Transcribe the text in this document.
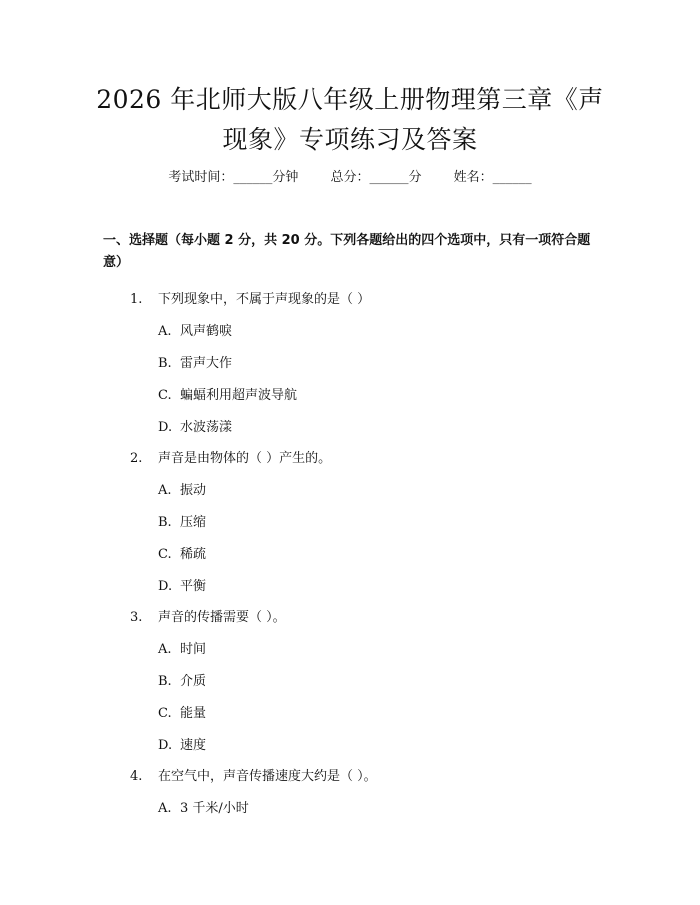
2026 年北师大版八年级上册物理第三章《声
现象》专项练习及答案
考试时间：______分钟 总分：______分 姓名：______
一、选择题（每小题 2 分，共 20 分。下列各题给出的四个选项中，只有一项符合题意）
1. 下列现象中，不属于声现象的是（ ）
A. 风声鹤唳
B. 雷声大作
C. 蝙蝠利用超声波导航
D. 水波荡漾
2. 声音是由物体的（ ）产生的。
A. 振动
B. 压缩
C. 稀疏
D. 平衡
3. 声音的传播需要（ ）。
A. 时间
B. 介质
C. 能量
D. 速度
4. 在空气中，声音传播速度大约是（ ）。
A. 3 千米/小时
